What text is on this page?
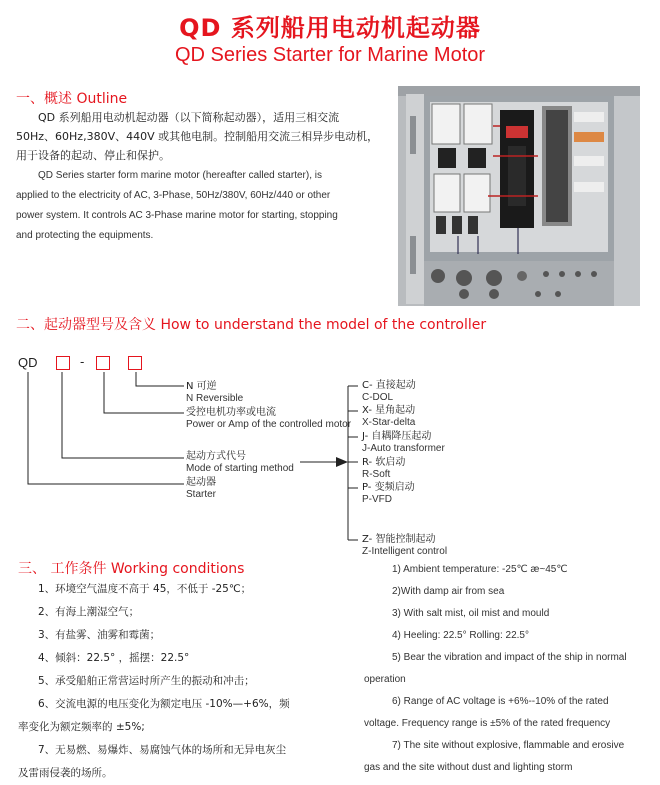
QD 系列船用电动机起动器
QD Series Starter for Marine Motor
一、概述 Outline
QD 系列船用电动机起动器（以下简称起动器），适用三相交流
50Hz、60Hz,380V、440V 或其他电制。控制船用交流三相异步电动机，
用于设备的起动、停止和保护。
QD Series starter form marine motor (hereafter called starter), is
applied to the electricity of AC, 3-Phase, 50Hz/380V, 60Hz/440 or other
power system. It controls AC 3-Phase marine motor for starting, stopping
and protecting the equipments.
二、起动器型号及含义 How to understand the model of the controller
QD	-
N 可逆
N Reversible
受控电机功率或电流
Power or Amp of the controlled motor
起动方式代号
Mode of starting method
起动器
Starter
C- 直接起动
C-DOL
X- 星角起动
X-Star-delta
J- 自耦降压起动
J-Auto transformer
R- 软启动
R-Soft
P- 变频启动
P-VFD
Z- 智能控制起动
Z-Intelligent control
三、 工作条件 Working conditions
1、环境空气温度不高于 45，不低于 -25℃；
2、有海上潮湿空气；
3、有盐雾、油雾和霉菌；
4、倾斜：22.5° ，摇摆：22.5°
5、承受船舶正常营运时所产生的振动和冲击；
6、交流电源的电压变化为额定电压 -10%—+6%，频
率变化为额定频率的 ±5%;
7、无易燃、易爆炸、易腐蚀气体的场所和无异电灰尘
及雷雨侵袭的场所。
1) Ambient temperature: -25℃ æ~45℃
2)With damp air from sea
3) With salt mist, oil mist and mould
4) Heeling: 22.5° Rolling: 22.5°
5) Bear the vibration and impact of the ship in normal
operation
6) Range of AC voltage is +6%--10% of the rated
voltage. Frequency range is ±5% of the rated frequency
7) The site without explosive, flammable and erosive
gas and the site without dust and lighting storm
